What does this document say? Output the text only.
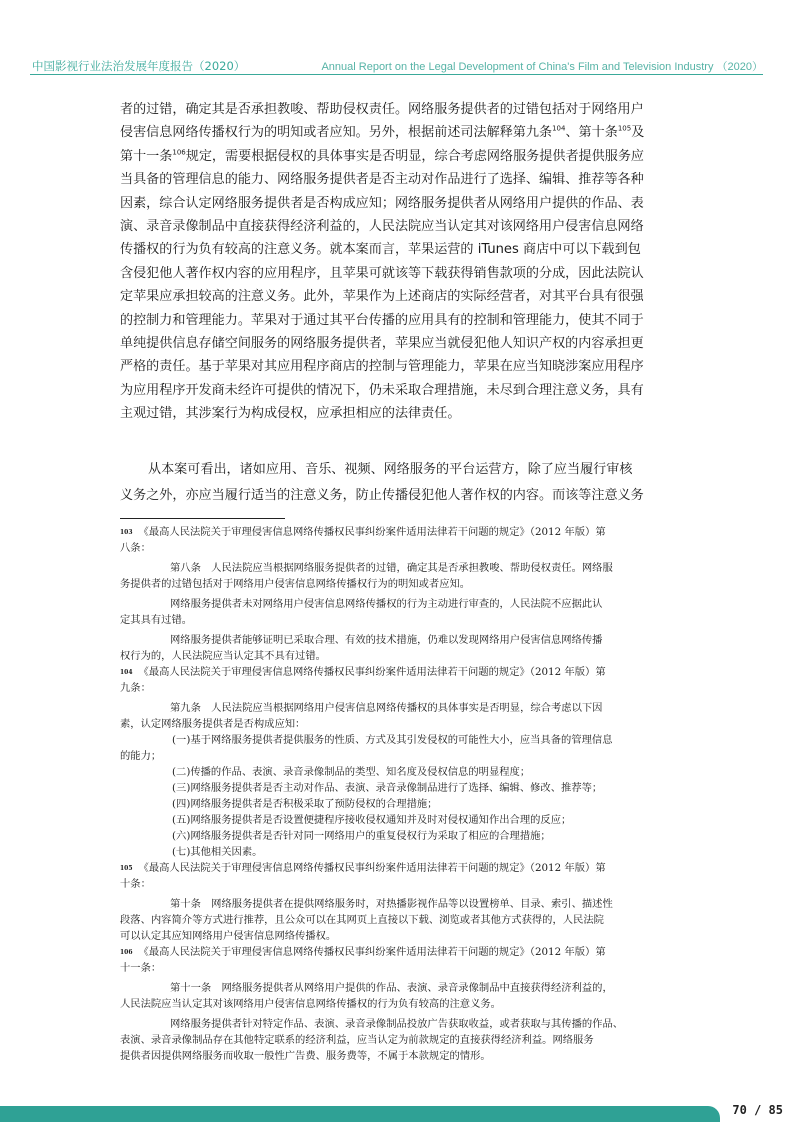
中国影视行业法治发展年度报告（2020）	Annual Report on the Legal Development of China's Film and Television Industry （2020）
者的过错，确定其是否承担教唆、帮助侵权责任。网络服务提供者的过错包括对于网络用户
侵害信息网络传播权行为的明知或者应知。另外，根据前述司法解释第九条$^{104}$、第十条$^{105}$及
第十一条$^{106}$规定，需要根据侵权的具体事实是否明显，综合考虑网络服务提供者提供服务应
当具备的管理信息的能力、网络服务提供者是否主动对作品进行了选择、编辑、推荐等各种
因素，综合认定网络服务提供者是否构成应知；网络服务提供者从网络用户提供的作品、表
演、录音录像制品中直接获得经济利益的，人民法院应当认定其对该网络用户侵害信息网络
传播权的行为负有较高的注意义务。就本案而言，苹果运营的 iTunes 商店中可以下载到包
含侵犯他人著作权内容的应用程序，且苹果可就该等下载获得销售款项的分成，因此法院认
定苹果应承担较高的注意义务。此外，苹果作为上述商店的实际经营者，对其平台具有很强
的控制力和管理能力。苹果对于通过其平台传播的应用具有的控制和管理能力，使其不同于
单纯提供信息存储空间服务的网络服务提供者，苹果应当就侵犯他人知识产权的内容承担更
严格的责任。基于苹果对其应用程序商店的控制与管理能力，苹果在应当知晓涉案应用程序
为应用程序开发商未经许可提供的情况下，仍未采取合理措施，未尽到合理注意义务，具有
主观过错，其涉案行为构成侵权，应承担相应的法律责任。
从本案可看出，诸如应用、音乐、视频、网络服务的平台运营方，除了应当履行审核
义务之外，亦应当履行适当的注意义务，防止传播侵犯他人著作权的内容。而该等注意义务
$^{103}$ 《最高人民法院关于审理侵害信息网络传播权民事纠纷案件适用法律若干问题的规定》（2012 年版）第
八条：
第八条　人民法院应当根据网络服务提供者的过错，确定其是否承担教唆、帮助侵权责任。网络服
务提供者的过错包括对于网络用户侵害信息网络传播权行为的明知或者应知。
网络服务提供者未对网络用户侵害信息网络传播权的行为主动进行审查的，人民法院不应据此认
定其具有过错。
网络服务提供者能够证明已采取合理、有效的技术措施，仍难以发现网络用户侵害信息网络传播
权行为的，人民法院应当认定其不具有过错。
$^{104}$ 《最高人民法院关于审理侵害信息网络传播权民事纠纷案件适用法律若干问题的规定》（2012 年版）第
九条：
第九条　人民法院应当根据网络用户侵害信息网络传播权的具体事实是否明显，综合考虑以下因
素，认定网络服务提供者是否构成应知：
(一)基于网络服务提供者提供服务的性质、方式及其引发侵权的可能性大小，应当具备的管理信息
的能力；
(二)传播的作品、表演、录音录像制品的类型、知名度及侵权信息的明显程度；
(三)网络服务提供者是否主动对作品、表演、录音录像制品进行了选择、编辑、修改、推荐等；
(四)网络服务提供者是否积极采取了预防侵权的合理措施；
(五)网络服务提供者是否设置便捷程序接收侵权通知并及时对侵权通知作出合理的反应；
(六)网络服务提供者是否针对同一网络用户的重复侵权行为采取了相应的合理措施；
(七)其他相关因素。
$^{105}$ 《最高人民法院关于审理侵害信息网络传播权民事纠纷案件适用法律若干问题的规定》（2012 年版）第
十条：
第十条　网络服务提供者在提供网络服务时，对热播影视作品等以设置榜单、目录、索引、描述性
段落、内容简介等方式进行推荐，且公众可以在其网页上直接以下载、浏览或者其他方式获得的，人民法院
可以认定其应知网络用户侵害信息网络传播权。
$^{106}$ 《最高人民法院关于审理侵害信息网络传播权民事纠纷案件适用法律若干问题的规定》（2012 年版）第
十一条：
第十一条　网络服务提供者从网络用户提供的作品、表演、录音录像制品中直接获得经济利益的，
人民法院应当认定其对该网络用户侵害信息网络传播权的行为负有较高的注意义务。
网络服务提供者针对特定作品、表演、录音录像制品投放广告获取收益，或者获取与其传播的作品、
表演、录音录像制品存在其他特定联系的经济利益，应当认定为前款规定的直接获得经济利益。网络服务
提供者因提供网络服务而收取一般性广告费、服务费等，不属于本款规定的情形。
70 / 85
